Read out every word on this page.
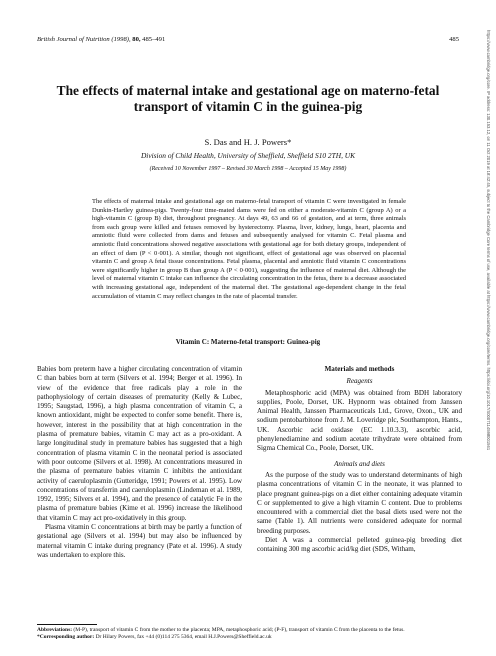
British Journal of Nutrition (1998), 80, 485–491	485
The effects of maternal intake and gestational age on materno-fetal transport of vitamin C in the guinea-pig
S. Das and H. J. Powers*
Division of Child Health, University of Sheffield, Sheffield S10 2TH, UK
(Received 10 November 1997 – Revised 30 March 1998 – Accepted 15 May 1998)

The effects of maternal intake and gestational age on materno-fetal transport of vitamin C were investigated in female Dunkin-Hartley guinea-pigs. Twenty-four time-mated dams were fed on either a moderate-vitamin C (group A) or a high-vitamin C (group B) diet, throughout pregnancy. At days 49, 63 and 66 of gestation, and at term, three animals from each group were killed and fetuses removed by hysterectomy. Plasma, liver, kidney, lungs, heart, placenta and amniotic fluid were collected from dams and fetuses and subsequently analysed for vitamin C. Fetal plasma and amniotic fluid concentrations showed negative associations with gestational age for both dietary groups, independent of an effect of dam (P < 0·001). A similar, though not significant, effect of gestational age was observed on placental vitamin C and group A fetal tissue concentrations. Fetal plasma, placental and amniotic fluid vitamin C concentrations were significantly higher in group B than group A (P < 0·001), suggesting the influence of maternal diet. Although the level of maternal vitamin C intake can influence the circulating concentration in the fetus, there is a decrease associated with increasing gestational age, independent of the maternal diet. The gestational age-dependent change in the fetal accumulation of vitamin C may reflect changes in the rate of placental transfer.

Vitamin C: Materno-fetal transport: Guinea-pig

Babies born preterm have a higher circulating concentration of vitamin C than babies born at term (Silvers et al. 1994; Berger et al. 1996). In view of the evidence that free radicals play a role in the pathophysiology of certain diseases of prematurity (Kelly & Lubec, 1995; Saugstad, 1996), a high plasma concentration of vitamin C, a known antioxidant, might be expected to confer some benefit. There is, however, interest in the possibility that at high concentration in the plasma of premature babies, vitamin C may act as a pro-oxidant. A large longitudinal study in premature babies has suggested that a high concentration of plasma vitamin C in the neonatal period is associated with poor outcome (Silvers et al. 1998). At concentrations measured in the plasma of premature babies vitamin C inhibits the antioxidant activity of caeruloplasmin (Gutteridge, 1991; Powers et al. 1995). Low concentrations of transferrin and caeruloplasmin (Lindeman et al. 1989, 1992, 1995; Silvers et al. 1994), and the presence of catalytic Fe in the plasma of premature babies (Kime et al. 1996) increase the likelihood that vitamin C may act pro-oxidatively in this group.

Plasma vitamin C concentrations at birth may be partly a function of gestational age (Silvers et al. 1994) but may also be influenced by maternal vitamin C intake during pregnancy (Pate et al. 1996). A study was undertaken to explore this.

Materials and methods
Reagents

Metaphosphoric acid (MPA) was obtained from BDH laboratory supplies, Poole, Dorset, UK. Hypnorm was obtained from Janssen Animal Health, Janssen Pharmaceuticals Ltd., Grove, Oxon., UK and sodium pentobarbitone from J. M. Loveridge plc, Southampton, Hants., UK. Ascorbic acid oxidase (EC 1.10.3.3), ascorbic acid, phenylenediamine and sodium acetate trihydrate were obtained from Sigma Chemical Co., Poole, Dorset, UK.

Animals and diets

As the purpose of the study was to understand determinants of high plasma concentrations of vitamin C in the neonate, it was planned to place pregnant guinea-pigs on a diet either containing adequate vitamin C or supplemented to give a high vitamin C content. Due to problems encountered with a commercial diet the basal diets used were not the same (Table 1). All nutrients were considered adequate for normal breeding purposes.

Diet A was a commercial pelleted guinea-pig breeding diet containing 300 mg ascorbic acid/kg diet (SDS, Witham,

Abbreviations: (M-P), transport of vitamin C from the mother to the placenta; MPA, metaphosphoric acid; (P-F), transport of vitamin C from the placenta to the fetus.
*Corresponding author: Dr Hilary Powers, fax +44 (0)114 275 5364, email H.J.Powers@Sheffield.ac.uk
https://www.cambridge.org/core. IP address: 130.153.12, on 11 Oct 2019 at 18:42:45, subject to the Cambridge Core terms of use, available at https://www.cambridge.org/core/terms. https://doi.org/10.1017/S0007114598001561
